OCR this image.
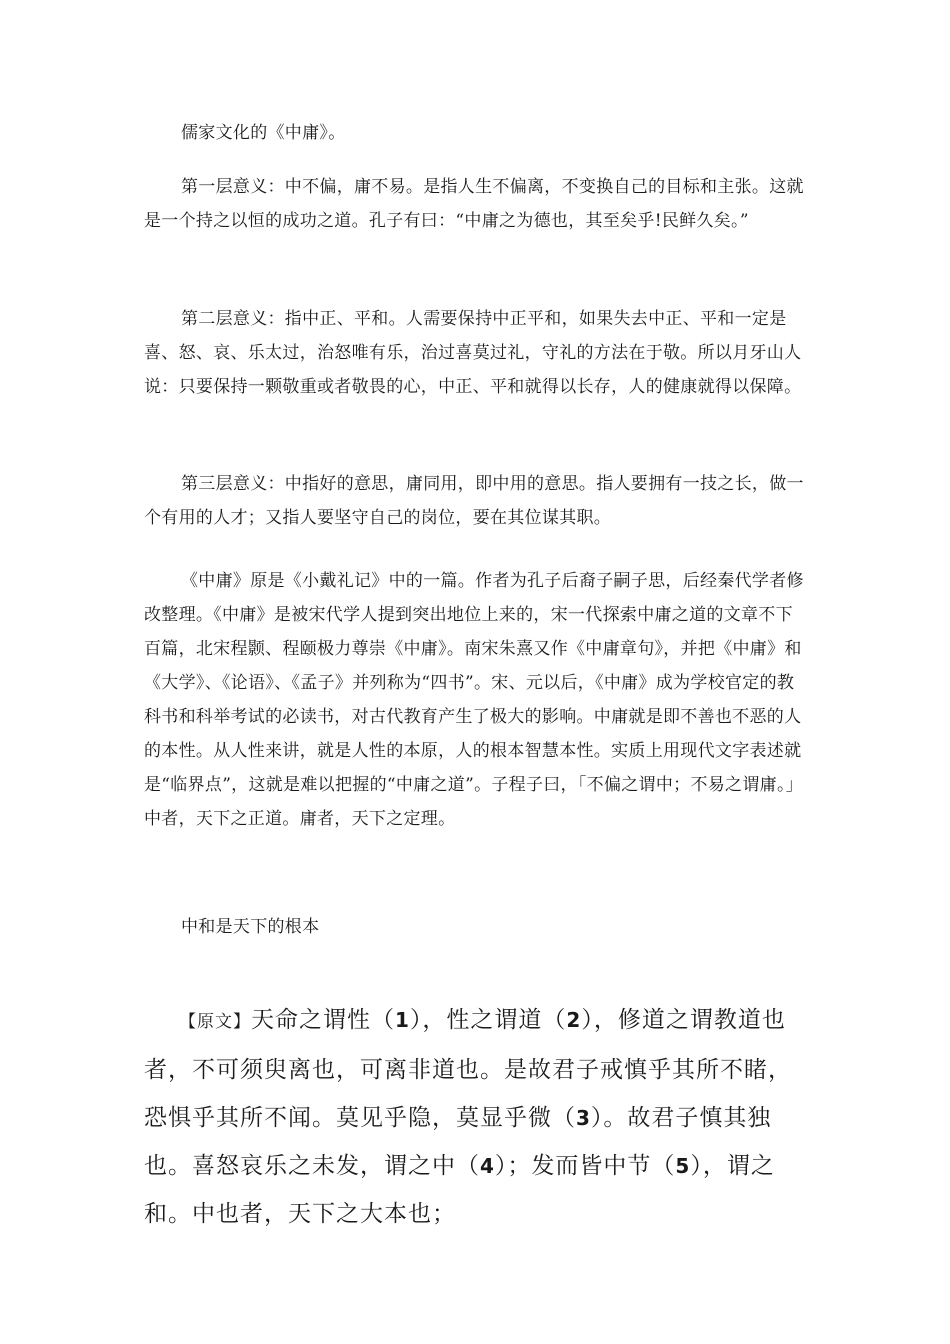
儒家文化的《中庸》。

第一层意义：中不偏，庸不易。是指人生不偏离，不变换自己的目标和主张。这就是一个持之以恒的成功之道。孔子有曰：“中庸之为德也，其至矣乎!民鲜久矣。”

第二层意义：指中正、平和。人需要保持中正平和，如果失去中正、平和一定是喜、怒、哀、乐太过，治怒唯有乐，治过喜莫过礼，守礼的方法在于敬。所以月牙山人说：只要保持一颗敬重或者敬畏的心，中正、平和就得以长存，人的健康就得以保障。

第三层意义：中指好的意思，庸同用，即中用的意思。指人要拥有一技之长，做一个有用的人才；又指人要坚守自己的岗位，要在其位谋其职。

《中庸》原是《小戴礼记》中的一篇。作者为孔子后裔子嗣子思，后经秦代学者修改整理。《中庸》是被宋代学人提到突出地位上来的，宋一代探索中庸之道的文章不下百篇，北宋程颢、程颐极力尊崇《中庸》。南宋朱熹又作《中庸章句》，并把《中庸》和《大学》、《论语》、《孟子》并列称为“四书”。宋、元以后，《中庸》成为学校官定的教科书和科举考试的必读书，对古代教育产生了极大的影响。中庸就是即不善也不恶的人的本性。从人性来讲，就是人性的本原，人的根本智慧本性。实质上用现代文字表述就是“临界点”，这就是难以把握的“中庸之道”。子程子曰，「不偏之谓中；不易之谓庸。」中者，天下之正道。庸者，天下之定理。

中和是天下的根本

【原文】天命之谓性（1），性之谓道（2），修道之谓教道也者，不可须臾离也，可离非道也。是故君子戒慎乎其所不睹，恐惧乎其所不闻。莫见乎隐，莫显乎微（3）。故君子慎其独也。喜怒哀乐之未发，谓之中（4）；发而皆中节（5），谓之和。中也者，天下之大本也；
